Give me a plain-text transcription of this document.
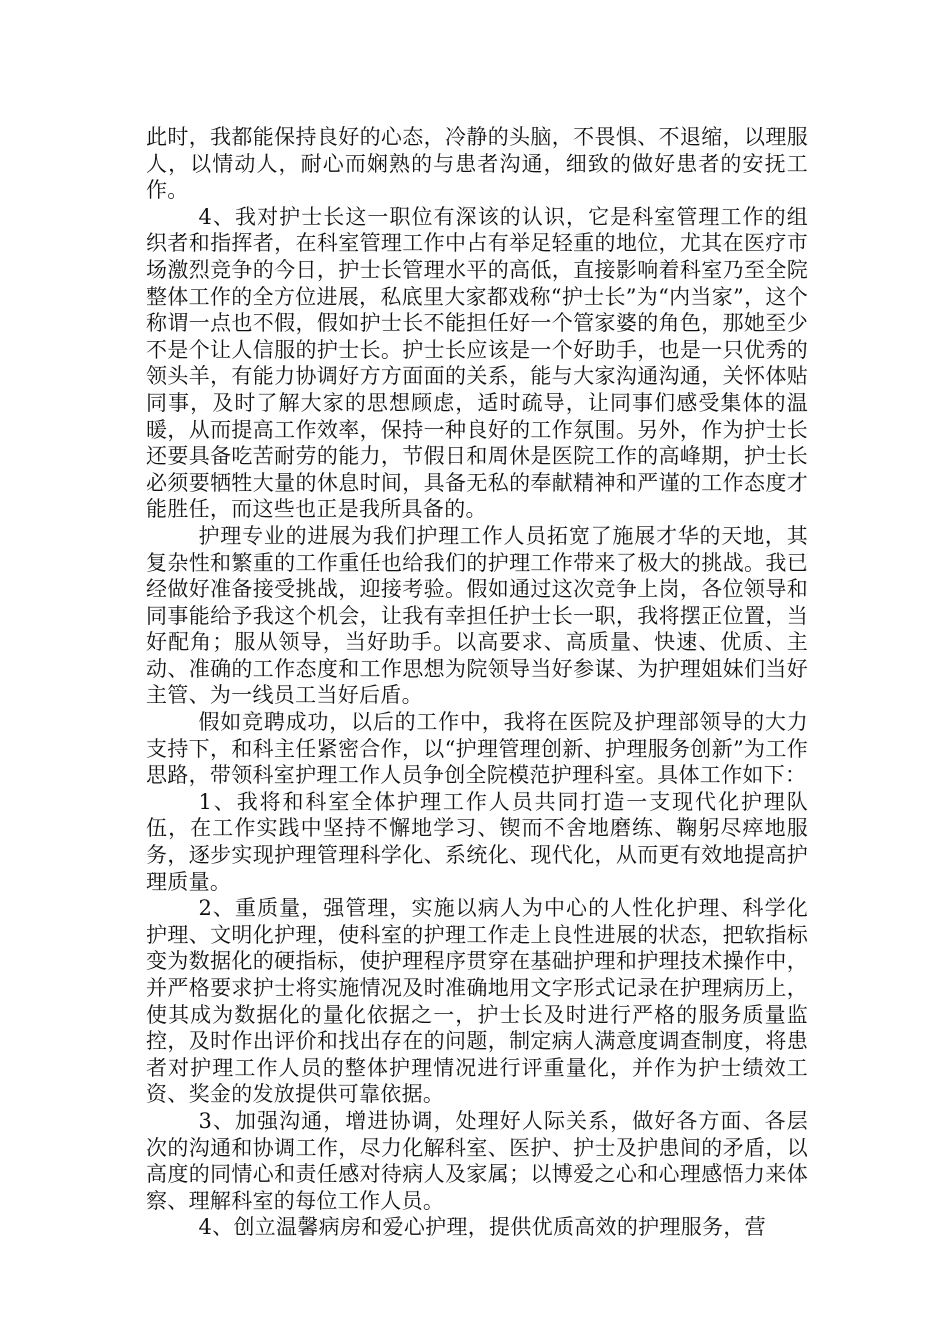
此时，我都能保持良好的心态，冷静的头脑，不畏惧、不退缩，以理服人，以情动人，耐心而娴熟的与患者沟通，细致的做好患者的安抚工作。

4、我对护士长这一职位有深该的认识，它是科室管理工作的组织者和指挥者，在科室管理工作中占有举足轻重的地位，尤其在医疗市场激烈竞争的今日，护士长管理水平的高低，直接影响着科室乃至全院整体工作的全方位进展，私底里大家都戏称“护士长”为“内当家”，这个称谓一点也不假，假如护士长不能担任好一个管家婆的角色，那她至少不是个让人信服的护士长。护士长应该是一个好助手，也是一只优秀的领头羊，有能力协调好方方面面的关系，能与大家沟通沟通，关怀体贴同事，及时了解大家的思想顾虑，适时疏导，让同事们感受集体的温暖，从而提高工作效率，保持一种良好的工作氛围。另外，作为护士长还要具备吃苦耐劳的能力，节假日和周休是医院工作的高峰期，护士长必须要牺牲大量的休息时间，具备无私的奉献精神和严谨的工作态度才能胜任，而这些也正是我所具备的。

护理专业的进展为我们护理工作人员拓宽了施展才华的天地，其复杂性和繁重的工作重任也给我们的护理工作带来了极大的挑战。我已经做好准备接受挑战，迎接考验。假如通过这次竞争上岗，各位领导和同事能给予我这个机会，让我有幸担任护士长一职，我将摆正位置，当好配角；服从领导，当好助手。以高要求、高质量、快速、优质、主动、准确的工作态度和工作思想为院领导当好参谋、为护理姐妹们当好主管、为一线员工当好后盾。

假如竞聘成功，以后的工作中，我将在医院及护理部领导的大力支持下，和科主任紧密合作，以“护理管理创新、护理服务创新”为工作思路，带领科室护理工作人员争创全院模范护理科室。具体工作如下：

1、我将和科室全体护理工作人员共同打造一支现代化护理队伍，在工作实践中坚持不懈地学习、锲而不舍地磨练、鞠躬尽瘁地服务，逐步实现护理管理科学化、系统化、现代化，从而更有效地提高护理质量。

2、重质量，强管理，实施以病人为中心的人性化护理、科学化护理、文明化护理，使科室的护理工作走上良性进展的状态，把软指标变为数据化的硬指标，使护理程序贯穿在基础护理和护理技术操作中，并严格要求护士将实施情况及时准确地用文字形式记录在护理病历上，使其成为数据化的量化依据之一，护士长及时进行严格的服务质量监控，及时作出评价和找出存在的问题，制定病人满意度调查制度，将患者对护理工作人员的整体护理情况进行评重量化，并作为护士绩效工资、奖金的发放提供可靠依据。

3、加强沟通，增进协调，处理好人际关系，做好各方面、各层次的沟通和协调工作，尽力化解科室、医护、护士及护患间的矛盾，以高度的同情心和责任感对待病人及家属；以博爱之心和心理感悟力来体察、理解科室的每位工作人员。

4、创立温馨病房和爱心护理，提供优质高效的护理服务，营
